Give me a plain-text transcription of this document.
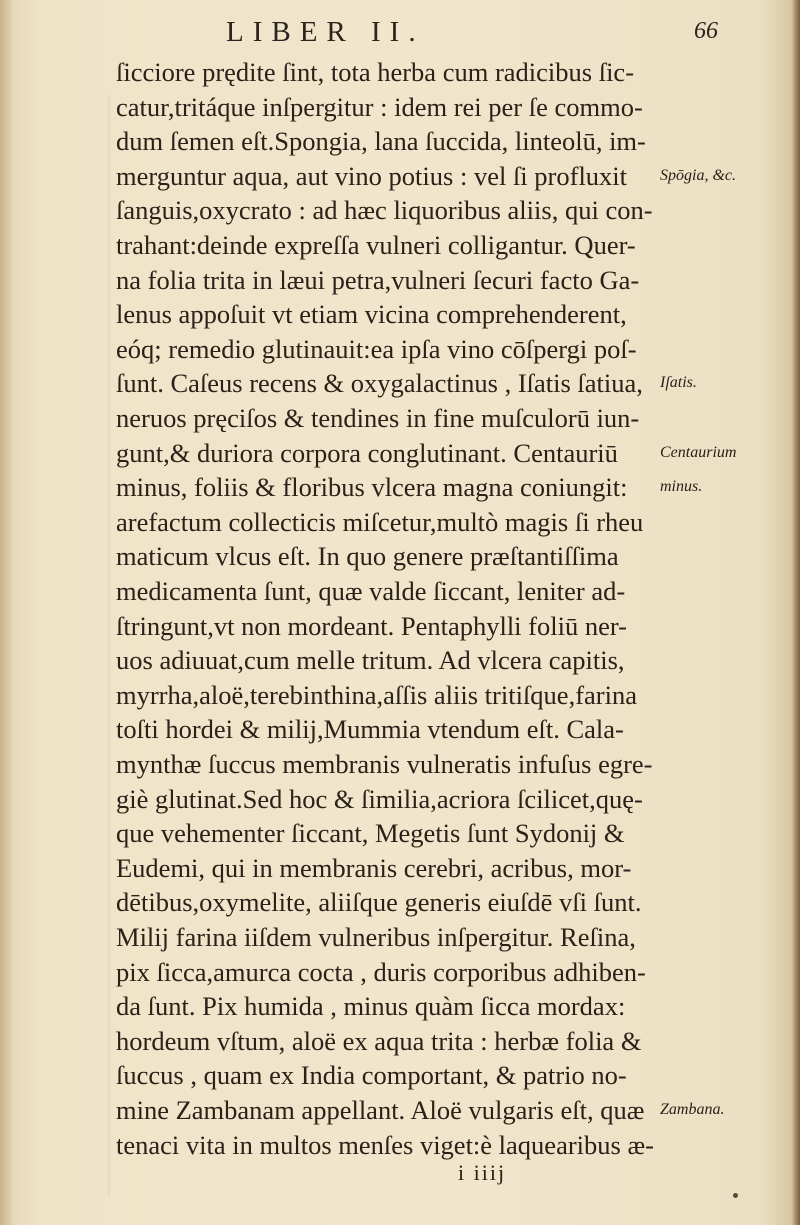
LIBER II.	66
ſicciore prędite ſint, tota herba cum radicibus ſic-
catur,tritáque inſpergitur : idem rei per ſe commo-
dum ſemen eſt.Spongia, lana ſuccida, linteolū, im-
merguntur aqua, aut vino potius : vel ſi profluxit
ſanguis,oxycrato : ad hæc liquoribus aliis, qui con-
trahant:deinde expreſſa vulneri colligantur. Quer-
na folia trita in læui petra,vulneri ſecuri facto Ga-
lenus appoſuit vt etiam vicina comprehenderent,
eóq; remedio glutinauit:ea ipſa vino cōſpergi poſ-
ſunt. Caſeus recens & oxygalactinus , Iſatis ſatiua,
neruos pręciſos & tendines in fine muſculorū iun-
gunt,& duriora corpora conglutinant. Centauriū
minus, foliis & floribus vlcera magna coniungit:
arefactum collecticis miſcetur,multò magis ſi rheu
maticum vlcus eſt. In quo genere præſtantiſſima
medicamenta ſunt, quæ valde ſiccant, leniter ad-
ſtringunt,vt non mordeant. Pentaphylli foliū ner-
uos adiuuat,cum melle tritum. Ad vlcera capitis,
myrrha,aloë,terebinthina,aſſis aliis tritiſque,farina
toſti hordei & milij,Mummia vtendum eſt. Cala-
mynthæ ſuccus membranis vulneratis infuſus egre-
giè glutinat.Sed hoc & ſimilia,acriora ſcilicet,quę-
que vehementer ſiccant, Megetis ſunt Sydonij &
Eudemi, qui in membranis cerebri, acribus, mor-
dētibus,oxymelite, aliiſque generis eiuſdē vſi ſunt.
Milij farina iiſdem vulneribus inſpergitur. Reſina,
pix ſicca,amurca cocta , duris corporibus adhiben-
da ſunt. Pix humida , minus quàm ſicca mordax:
hordeum vſtum, aloë ex aqua trita : herbæ folia &
ſuccus , quam ex India comportant, & patrio no-
mine Zambanam appellant. Aloë vulgaris eſt, quæ
tenaci vita in multos menſes viget:è laquearibus æ-
Spōgia, &c.
Iſatis.
Centaurium
minus.
Zambana.
i iiij
